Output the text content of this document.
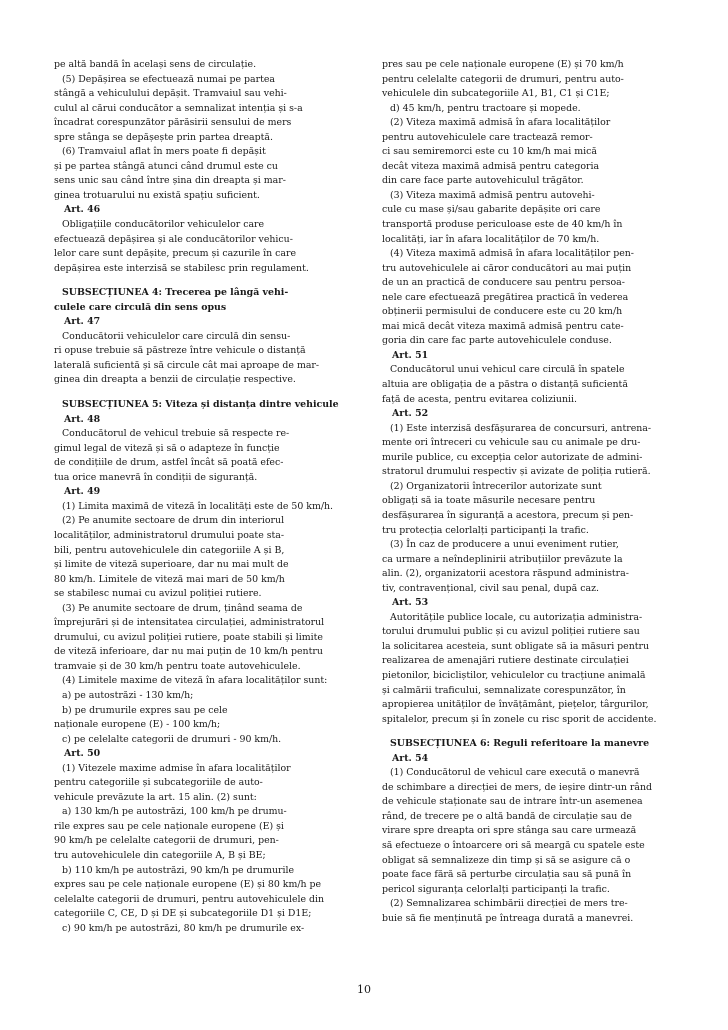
pe altă bandă în același sens de circulație.
(5) Depășirea se efectuează numai pe partea
stângă a vehiculului depășit. Tramvaiul sau vehi-
culul al cărui conducător a semnalizat intenția și s-a
încadrat corespunzător părăsirii sensului de mers
spre stânga se depășește prin partea dreaptă.
(6) Tramvaiul aflat în mers poate fi depășit
și pe partea stângă atunci când drumul este cu
sens unic sau când între șina din dreapta și mar-
ginea trotuarului nu există spațiu suficient.
Art. 46
Obligațiile conducătorilor vehiculelor care
efectuează depășirea și ale conducătorilor vehicu-
lelor care sunt depășite, precum și cazurile în care
depășirea este interzisă se stabilesc prin regulament.
SUBSECȚIUNEA 4: Trecerea pe lângă vehi-
culele care circulă din sens opus
Art. 47
Conducătorii vehiculelor care circulă din sensu-
ri opuse trebuie să păstreze între vehicule o distanță
laterală suficientă și să circule cât mai aproape de mar-
ginea din dreapta a benzii de circulație respective.
SUBSECȚIUNEA 5: Viteza și distanța dintre vehicule
Art. 48
Conducătorul de vehicul trebuie să respecte re-
gimul legal de viteză și să o adapteze în funcție
de condițiile de drum, astfel încât să poată efec-
tua orice manevră în condiții de siguranță.
Art. 49
(1) Limita maximă de viteză în localități este de 50 km/h.
(2) Pe anumite sectoare de drum din interiorul
localităților, administratorul drumului poate sta-
bili, pentru autovehiculele din categoriile A și B,
și limite de viteză superioare, dar nu mai mult de
80 km/h. Limitele de viteză mai mari de 50 km/h
se stabilesc numai cu avizul poliției rutiere.
(3) Pe anumite sectoare de drum, ținând seama de
împrejurări și de intensitatea circulației, administratorul
drumului, cu avizul poliției rutiere, poate stabili și limite
de viteză inferioare, dar nu mai puțin de 10 km/h pentru
tramvaie și de 30 km/h pentru toate autovehiculele.
(4) Limitele maxime de viteză în afara localităților sunt:
a) pe autostrăzi - 130 km/h;
b) pe drumurile expres sau pe cele
naționale europene (E) - 100 km/h;
c) pe celelalte categorii de drumuri - 90 km/h.
Art. 50
(1) Vitezele maxime admise în afara localităților
pentru categoriile și subcategoriile de auto-
vehicule prevăzute la art. 15 alin. (2) sunt:
a) 130 km/h pe autostrăzi, 100 km/h pe drumu-
rile expres sau pe cele naționale europene (E) și
90 km/h pe celelalte categorii de drumuri, pen-
tru autovehiculele din categoriile A, B și BE;
b) 110 km/h pe autostrăzi, 90 km/h pe drumurile
expres sau pe cele naționale europene (E) și 80 km/h pe
celelalte categorii de drumuri, pentru autovehiculele din
categoriile C, CE, D și DE și subcategoriile D1 și D1E;
c) 90 km/h pe autostrăzi, 80 km/h pe drumurile ex-
pres sau pe cele naționale europene (E) și 70 km/h
pentru celelalte categorii de drumuri, pentru auto-
vehiculele din subcategoriile A1, B1, C1 și C1E;
d) 45 km/h, pentru tractoare și mopede.
(2) Viteza maximă admisă în afara localităților
pentru autovehiculele care tractează remor-
ci sau semiremorci este cu 10 km/h mai mică
decât viteza maximă admisă pentru categoria
din care face parte autovehiculul trăgător.
(3) Viteza maximă admisă pentru autovehi-
cule cu mase și/sau gabarite depășite ori care
transportă produse periculoase este de 40 km/h în
localități, iar în afara localităților de 70 km/h.
(4) Viteza maximă admisă în afara localităților pen-
tru autovehiculele ai căror conducători au mai puțin
de un an practică de conducere sau pentru persoa-
nele care efectuează pregătirea practică în vederea
obținerii permisului de conducere este cu 20 km/h
mai mică decât viteza maximă admisă pentru cate-
goria din care fac parte autovehiculele conduse.
Art. 51
Conducătorul unui vehicul care circulă în spatele
altuia are obligația de a păstra o distanță suficientă
față de acesta, pentru evitarea coliziunii.
Art. 52
(1) Este interzisă desfășurarea de concursuri, antrena-
mente ori întreceri cu vehicule sau cu animale pe dru-
murile publice, cu excepția celor autorizate de admini-
stratorul drumului respectiv și avizate de poliția rutieră.
(2) Organizatorii întrecerilor autorizate sunt
obligați să ia toate măsurile necesare pentru
desfășurarea în siguranță a acestora, precum și pen-
tru protecția celorlalți participanți la trafic.
(3) În caz de producere a unui eveniment rutier,
ca urmare a neîndeplinirii atribuțiilor prevăzute la
alin. (2), organizatorii acestora răspund administra-
tiv, contravențional, civil sau penal, după caz.
Art. 53
Autoritățile publice locale, cu autorizația administra-
torului drumului public și cu avizul poliției rutiere sau
la solicitarea acesteia, sunt obligate să ia măsuri pentru
realizarea de amenajări rutiere destinate circulației
pietonilor, bicicliștilor, vehiculelor cu tracțiune animală
și calmării traficului, semnalizate corespunzător, în
apropierea unităților de învățământ, piețelor, târgurilor,
spitalelor, precum și în zonele cu risc sporit de accidente.
SUBSECȚIUNEA 6: Reguli referitoare la manevre
Art. 54
(1) Conducătorul de vehicul care execută o manevră
de schimbare a direcției de mers, de ieșire dintr-un rând
de vehicule staționate sau de intrare într-un asemenea
rând, de trecere pe o altă bandă de circulație sau de
virare spre dreapta ori spre stânga sau care urmează
să efectueze o întoarcere ori să meargă cu spatele este
obligat să semnalizeze din timp și să se asigure că o
poate face fără să perturbe circulația sau să pună în
pericol siguranța celorlalți participanți la trafic.
(2) Semnalizarea schimbării direcției de mers tre-
buie să fie menținută pe întreaga durată a manevrei.
10
